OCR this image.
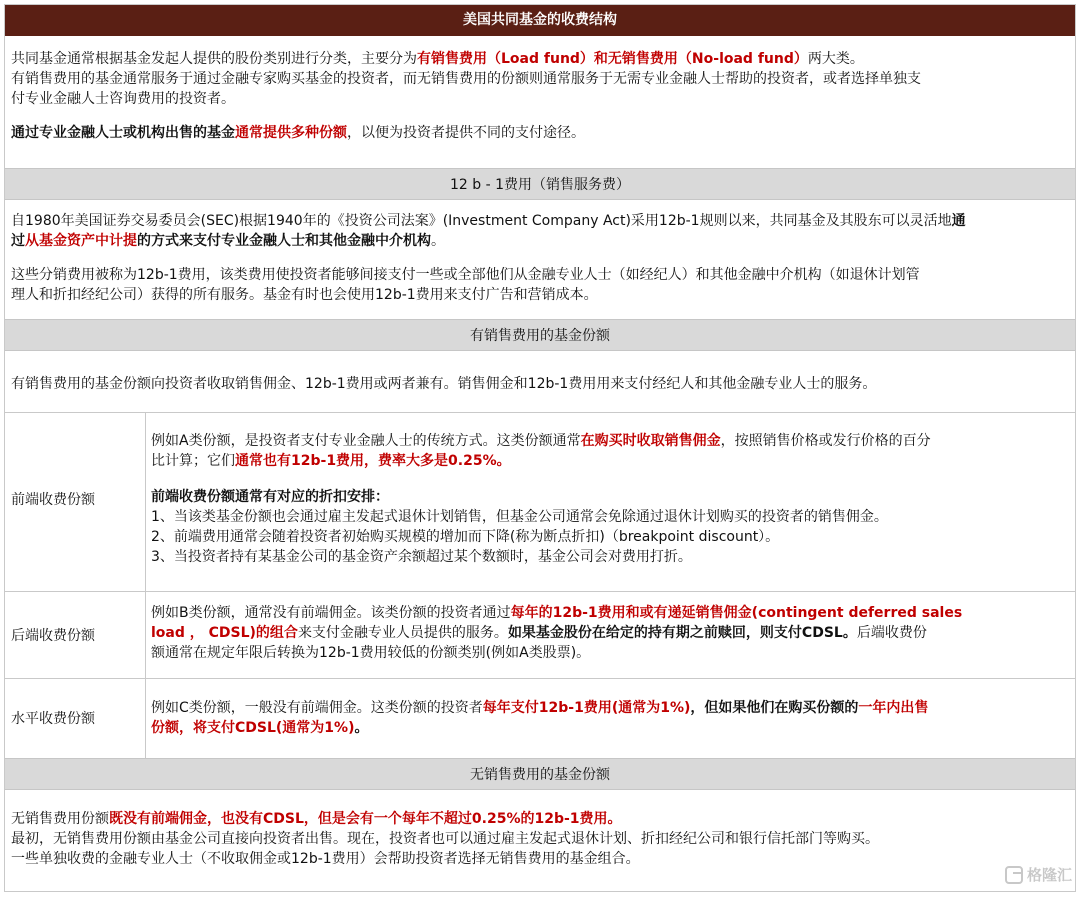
美国共同基金的收费结构
共同基金通常根据基金发起人提供的股份类别进行分类，主要分为有销售费用（Load fund）和无销售费用（No-load fund）两大类。
有销售费用的基金通常服务于通过金融专家购买基金的投资者，而无销售费用的份额则通常服务于无需专业金融人士帮助的投资者，或者选择单独支
付专业金融人士咨询费用的投资者。
通过专业金融人士或机构出售的基金通常提供多种份额，以便为投资者提供不同的支付途径。
12 b - 1费用（销售服务费）
自1980年美国证券交易委员会(SEC)根据1940年的《投资公司法案》(Investment Company Act)采用12b-1规则以来，共同基金及其股东可以灵活地通
过从基金资产中计提的方式来支付专业金融人士和其他金融中介机构。
这些分销费用被称为12b-1费用，该类费用使投资者能够间接支付一些或全部他们从金融专业人士（如经纪人）和其他金融中介机构（如退休计划管
理人和折扣经纪公司）获得的所有服务。基金有时也会使用12b-1费用来支付广告和营销成本。
有销售费用的基金份额
有销售费用的基金份额向投资者收取销售佣金、12b-1费用或两者兼有。销售佣金和12b-1费用用来支付经纪人和其他金融专业人士的服务。
前端收费份额
例如A类份额，是投资者支付专业金融人士的传统方式。这类份额通常在购买时收取销售佣金，按照销售价格或发行价格的百分
比计算；它们通常也有12b-1费用，费率大多是0.25%。
前端收费份额通常有对应的折扣安排：
1、当该类基金份额也会通过雇主发起式退休计划销售，但基金公司通常会免除通过退休计划购买的投资者的销售佣金。
2、前端费用通常会随着投资者初始购买规模的增加而下降(称为断点折扣)（breakpoint discount）。
3、当投资者持有某基金公司的基金资产余额超过某个数额时，基金公司会对费用打折。
后端收费份额
例如B类份额，通常没有前端佣金。该类份额的投资者通过每年的12b-1费用和或有递延销售佣金(contingent deferred sales
load ， CDSL)的组合来支付金融专业人员提供的服务。如果基金股份在给定的持有期之前赎回，则支付CDSL。后端收费份
额通常在规定年限后转换为12b-1费用较低的份额类别(例如A类股票)。
水平收费份额
例如C类份额，一般没有前端佣金。这类份额的投资者每年支付12b-1费用(通常为1%)，但如果他们在购买份额的一年内出售
份额，将支付CDSL(通常为1%)。
无销售费用的基金份额
无销售费用份额既没有前端佣金，也没有CDSL，但是会有一个每年不超过0.25%的12b-1费用。
最初，无销售费用份额由基金公司直接向投资者出售。现在，投资者也可以通过雇主发起式退休计划、折扣经纪公司和银行信托部门等购买。
一些单独收费的金融专业人士（不收取佣金或12b-1费用）会帮助投资者选择无销售费用的基金组合。
格隆汇
